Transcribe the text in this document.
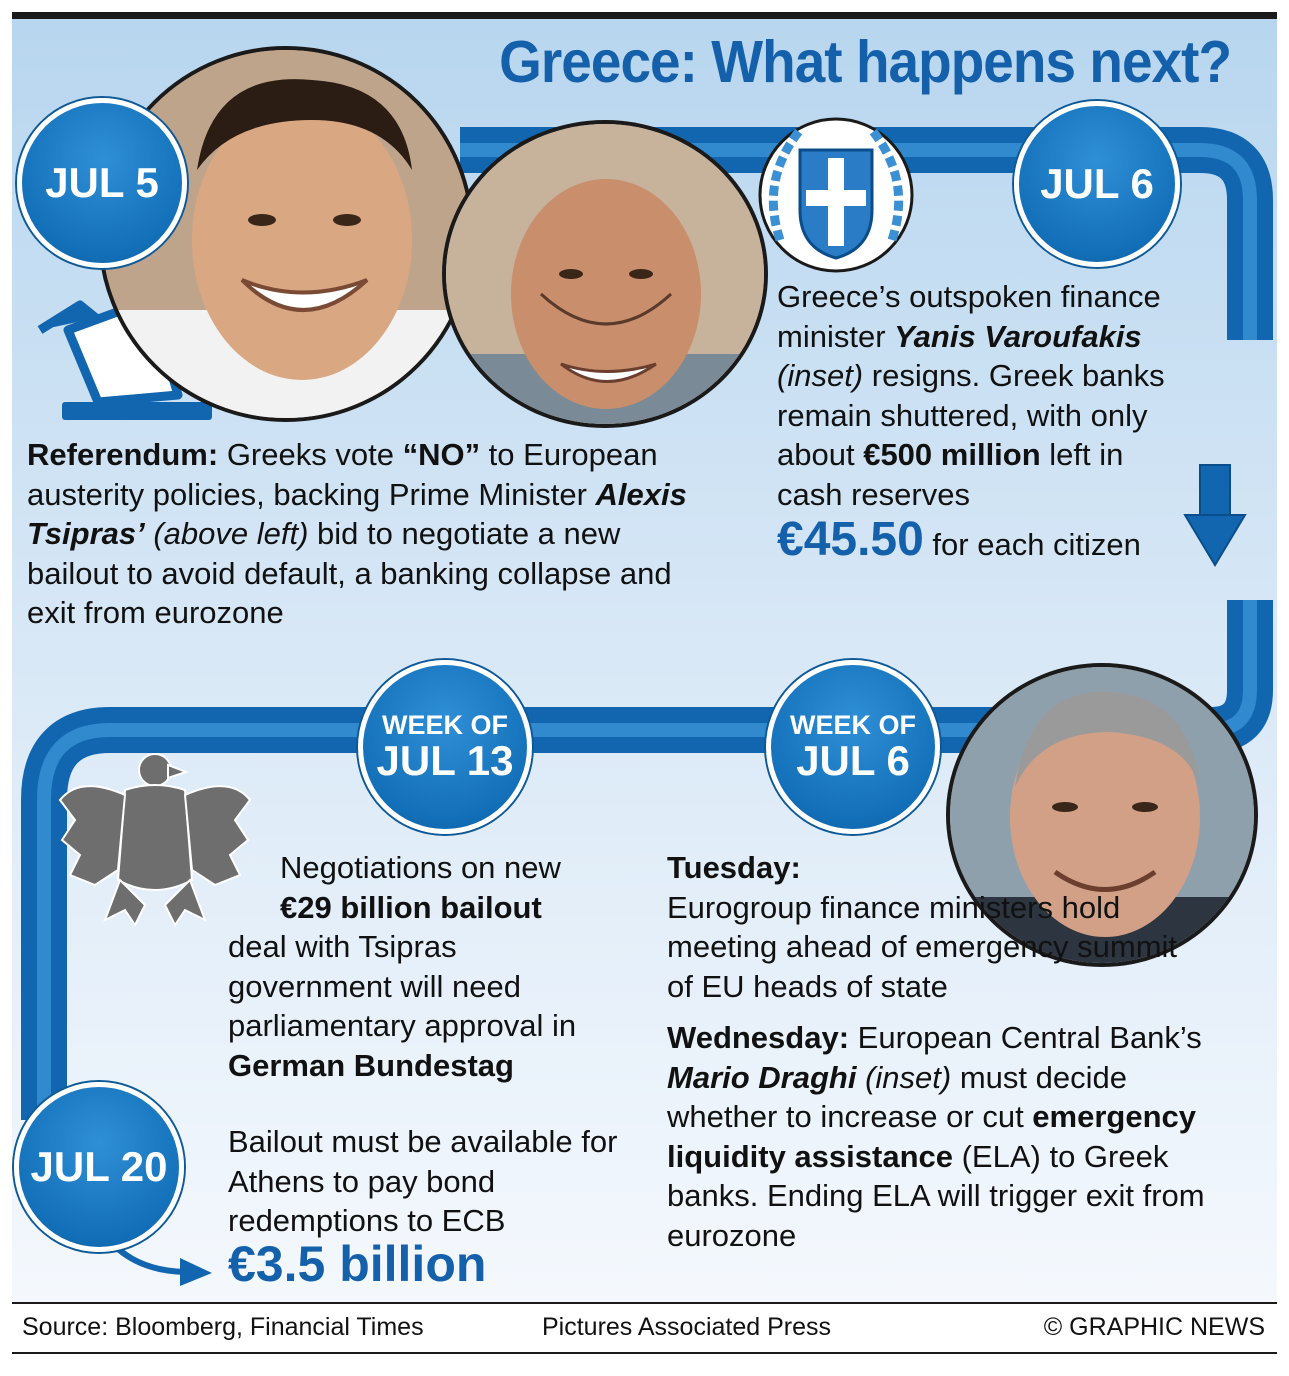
Greece: What happens next?
JUL 5	JUL 6
WEEK OF
JUL 13
WEEK OF
JUL 6
JUL 20
Referendum: Greeks vote “NO” to European austerity policies, backing Prime Minister Alexis Tsipras’ (above left) bid to negotiate a new bailout to avoid default, a banking collapse and exit from eurozone
Greece’s outspoken finance minister Yanis Varoufakis (inset) resigns. Greek banks remain shuttered, with only about €500 million left in cash reserves
€45.50 for each citizen
Negotiations on new
€29 billion bailout
deal with Tsipras government will need parliamentary approval in German Bundestag
Bailout must be available for Athens to pay bond redemptions to ECB
€3.5 billion
Tuesday:
Eurogroup finance ministers hold meeting ahead of emergency summit of EU heads of state
Wednesday: European Central Bank’s Mario Draghi (inset) must decide whether to increase or cut emergency liquidity assistance (ELA) to Greek banks. Ending ELA will trigger exit from eurozone
Source: Bloomberg, Financial Times	Pictures Associated Press	© GRAPHIC NEWS
